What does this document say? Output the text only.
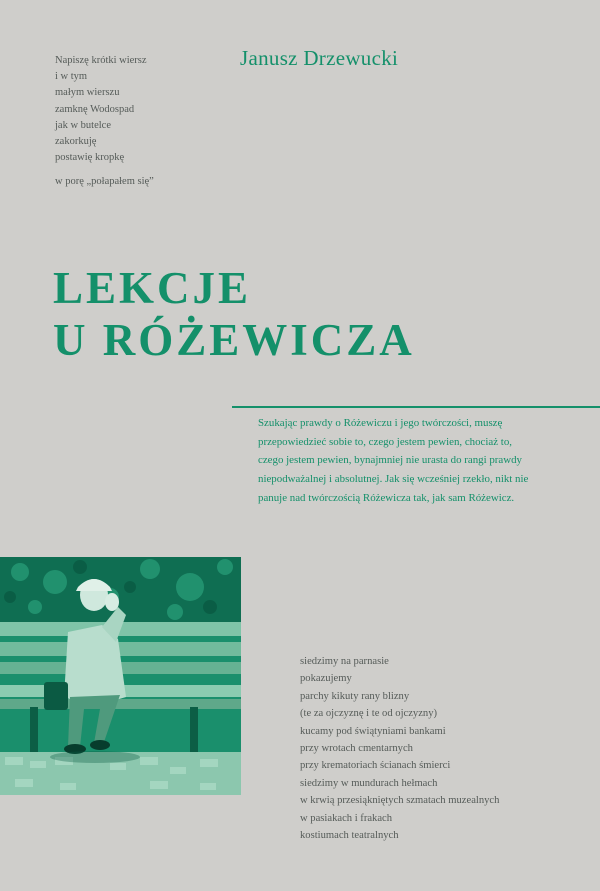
Napiszę krótki wiersz
i w tym
małym wierszu
zamknę Wodospad
jak w butelce
zakorkuję
postawię kropkę
w porę „połapałem się”
Janusz Drzewucki
LEKCJE
U RÓŻEWICZA
Szukając prawdy o Różewiczu i jego twórczości, muszę
przepowiedzieć sobie to, czego jestem pewien, chociaż to,
czego jestem pewien, bynajmniej nie urasta do rangi prawdy
niepodważalnej i absolutnej. Jak się wcześniej rzekło, nikt nie
panuje nad twórczością Różewicza tak, jak sam Różewicz.
siedzimy na parnasie
pokazujemy
parchy kikuty rany blizny
(te za ojczyznę i te od ojczyzny)
kucamy pod świątyniami bankami
przy wrotach cmentarnych
przy krematoriach ścianach śmierci
siedzimy w mundurach hełmach
w krwią przesiąkniętych szmatach muzealnych
w pasiakach i frakach
kostiumach teatralnych
